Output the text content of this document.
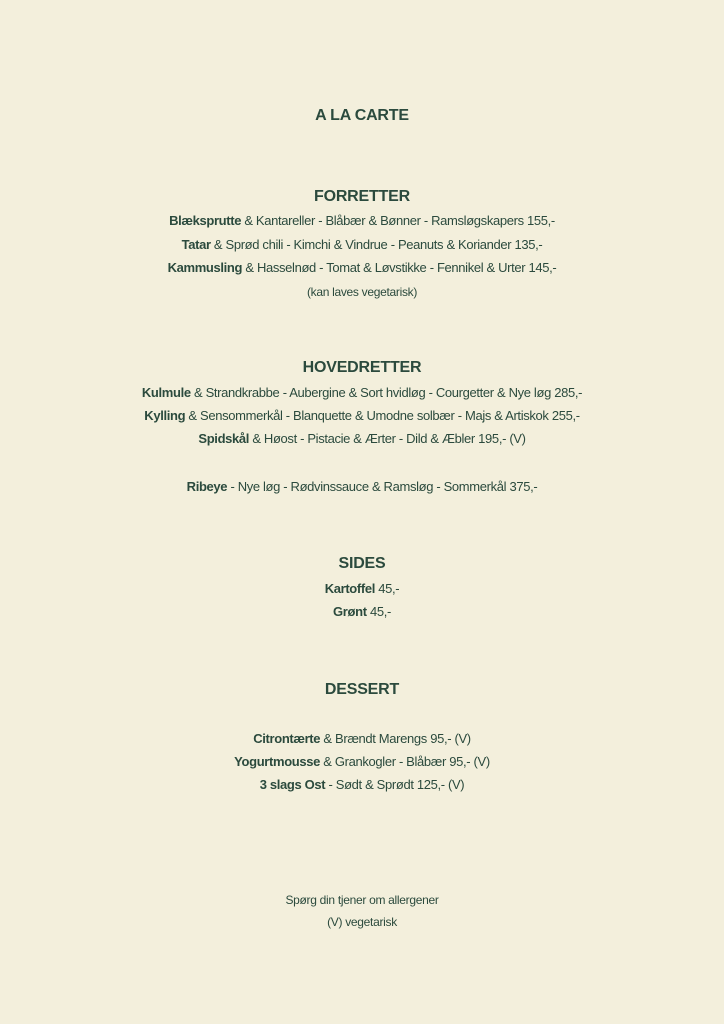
A LA CARTE
FORRETTER
Blæksprutte & Kantareller - Blåbær & Bønner - Ramsløgskapers 155,-
Tatar & Sprød chili - Kimchi & Vindrue - Peanuts & Koriander 135,-
Kammusling & Hasselnød - Tomat & Løvstikke - Fennikel & Urter 145,-
(kan laves vegetarisk)
HOVEDRETTER
Kulmule & Strandkrabbe - Aubergine & Sort hvidløg - Courgetter & Nye løg 285,-
Kylling & Sensommerkål - Blanquette & Umodne solbær - Majs & Artiskok 255,-
Spidskål & Høost - Pistacie & Ærter - Dild & Æbler 195,- (V)
Ribeye - Nye løg - Rødvinssauce & Ramsløg - Sommerkål 375,-
SIDES
Kartoffel 45,-
Grønt 45,-
DESSERT
Citrontærte & Brændt Marengs 95,- (V)
Yogurtmousse & Grankogler - Blåbær 95,- (V)
3 slags Ost - Sødt & Sprødt 125,- (V)
Spørg din tjener om allergener
(V) vegetarisk
